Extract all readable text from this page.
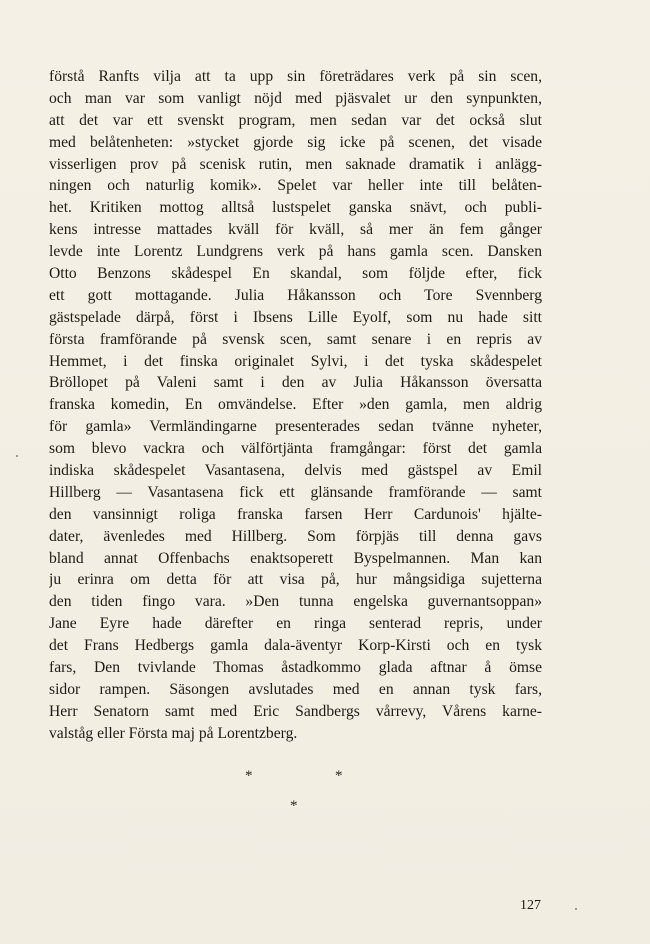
förstå Ranfts vilja att ta upp sin företrädares verk på sin scen,
och man var som vanligt nöjd med pjäsvalet ur den synpunkten,
att det var ett svenskt program, men sedan var det också slut
med belåtenheten: »stycket gjorde sig icke på scenen, det visade
visserligen prov på scenisk rutin, men saknade dramatik i anlägg-
ningen och naturlig komik». Spelet var heller inte till belåten-
het. Kritiken mottog alltså lustspelet ganska snävt, och publi-
kens intresse mattades kväll för kväll, så mer än fem gånger
levde inte Lorentz Lundgrens verk på hans gamla scen. Dansken
Otto Benzons skådespel En skandal, som följde efter, fick
ett gott mottagande. Julia Håkansson och Tore Svennberg
gästspelade därpå, först i Ibsens Lille Eyolf, som nu hade sitt
första framförande på svensk scen, samt senare i en repris av
Hemmet, i det finska originalet Sylvi, i det tyska skådespelet
Bröllopet på Valeni samt i den av Julia Håkansson översatta
franska komedin, En omvändelse. Efter »den gamla, men aldrig
för gamla» Vermländingarne presenterades sedan tvänne nyheter,
som blevo vackra och välförtjänta framgångar: först det gamla
indiska skådespelet Vasantasena, delvis med gästspel av Emil
Hillberg — Vasantasena fick ett glänsande framförande — samt
den vansinnigt roliga franska farsen Herr Cardunois' hjälte-
dater, ävenledes med Hillberg. Som förpjäs till denna gavs
bland annat Offenbachs enaktsoperett Byspelmannen. Man kan
ju erinra om detta för att visa på, hur mångsidiga sujetterna
den tiden fingo vara. »Den tunna engelska guvernantsoppan»
Jane Eyre hade därefter en ringa senterad repris, under
det Frans Hedbergs gamla dala-äventyr Korp-Kirsti och en tysk
fars, Den tvivlande Thomas åstadkommo glada aftnar å ömse
sidor rampen. Säsongen avslutades med en annan tysk fars,
Herr Senatorn samt med Eric Sandbergs vårrevy, Vårens karne-
valståg eller Första maj på Lorentzberg.
*	*
*
127
